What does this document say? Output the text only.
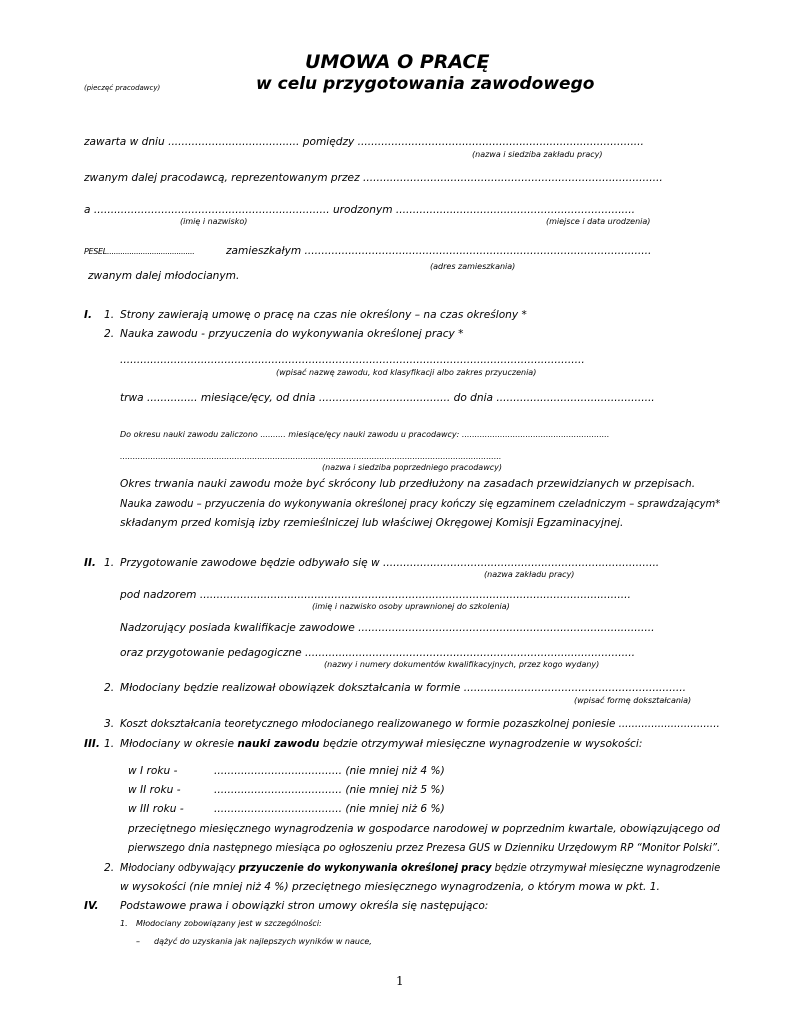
(pieczęć pracodawcy)
UMOWA O PRACĘ
w celu przygotowania zawodowego
zawarta w dniu ....................................... pomiędzy .....................................................................................
(nazwa i siedziba zakładu pracy)
zwanym dalej pracodawcą, reprezentowanym przez .........................................................................................
a ...................................................................... urodzonym .......................................................................
(imię i nazwisko)	(miejsce i data urodzenia)
PESEL.......................................	zamieszkałym .......................................................................................................
(adres zamieszkania)
zwanym dalej młodocianym.
I. 1. Strony zawierają umowę o pracę na czas nie określony – na czas określony *
2. Nauka zawodu - przyuczenia do wykonywania określonej pracy *
..........................................................................................................................................
(wpisać nazwę zawodu, kod klasyfikacji albo zakres przyuczenia)
trwa ............... miesiące/ęcy, od dnia ....................................... do dnia ...............................................
Do okresu nauki zawodu zaliczono .......... miesiące/ęcy nauki zawodu u pracodawcy: ..........................................................
......................................................................................................................................................
(nazwa i siedziba poprzedniego pracodawcy)
Okres trwania nauki zawodu może być skrócony lub przedłużony na zasadach przewidzianych w przepisach.
Nauka zawodu – przyuczenia do wykonywania określonej pracy kończy się egzaminem czeladniczym – sprawdzającym*
składanym przed komisją izby rzemieślniczej lub właściwej Okręgowej Komisji Egzaminacyjnej.
II. 1. Przygotowanie zawodowe będzie odbywało się w ..................................................................................
(nazwa zakładu pracy)
pod nadzorem ................................................................................................................................
(imię i nazwisko osoby uprawnionej do szkolenia)
Nadzorujący posiada kwalifikacje zawodowe ........................................................................................
oraz przygotowanie pedagogiczne ..................................................................................................
(nazwy i numery dokumentów kwalifikacyjnych, przez kogo wydany)
2. Młodociany będzie realizował obowiązek dokształcania w formie ..................................................................
(wpisać formę dokształcania)
3. Koszt dokształcania teoretycznego młodocianego realizowanego w formie pozaszkolnej poniesie ...............................
III. 1. Młodociany w okresie nauki zawodu będzie otrzymywał miesięczne wynagrodzenie w wysokości:
w I roku -	...................................... (nie mniej niż 4 %)
w II roku -	...................................... (nie mniej niż 5 %)
w III roku -	...................................... (nie mniej niż 6 %)
przeciętnego miesięcznego wynagrodzenia w gospodarce narodowej w poprzednim kwartale, obowiązującego od
pierwszego dnia następnego miesiąca po ogłoszeniu przez Prezesa GUS w Dzienniku Urzędowym RP “Monitor Polski”.
2. Młodociany odbywający przyuczenie do wykonywania określonej pracy będzie otrzymywał miesięczne wynagrodzenie
w wysokości (nie mniej niż 4 %) przeciętnego miesięcznego wynagrodzenia, o którym mowa w pkt. 1.
IV. Podstawowe prawa i obowiązki stron umowy określa się następująco:
1. Młodociany zobowiązany jest w szczególności:
– dążyć do uzyskania jak najlepszych wyników w nauce,
1
